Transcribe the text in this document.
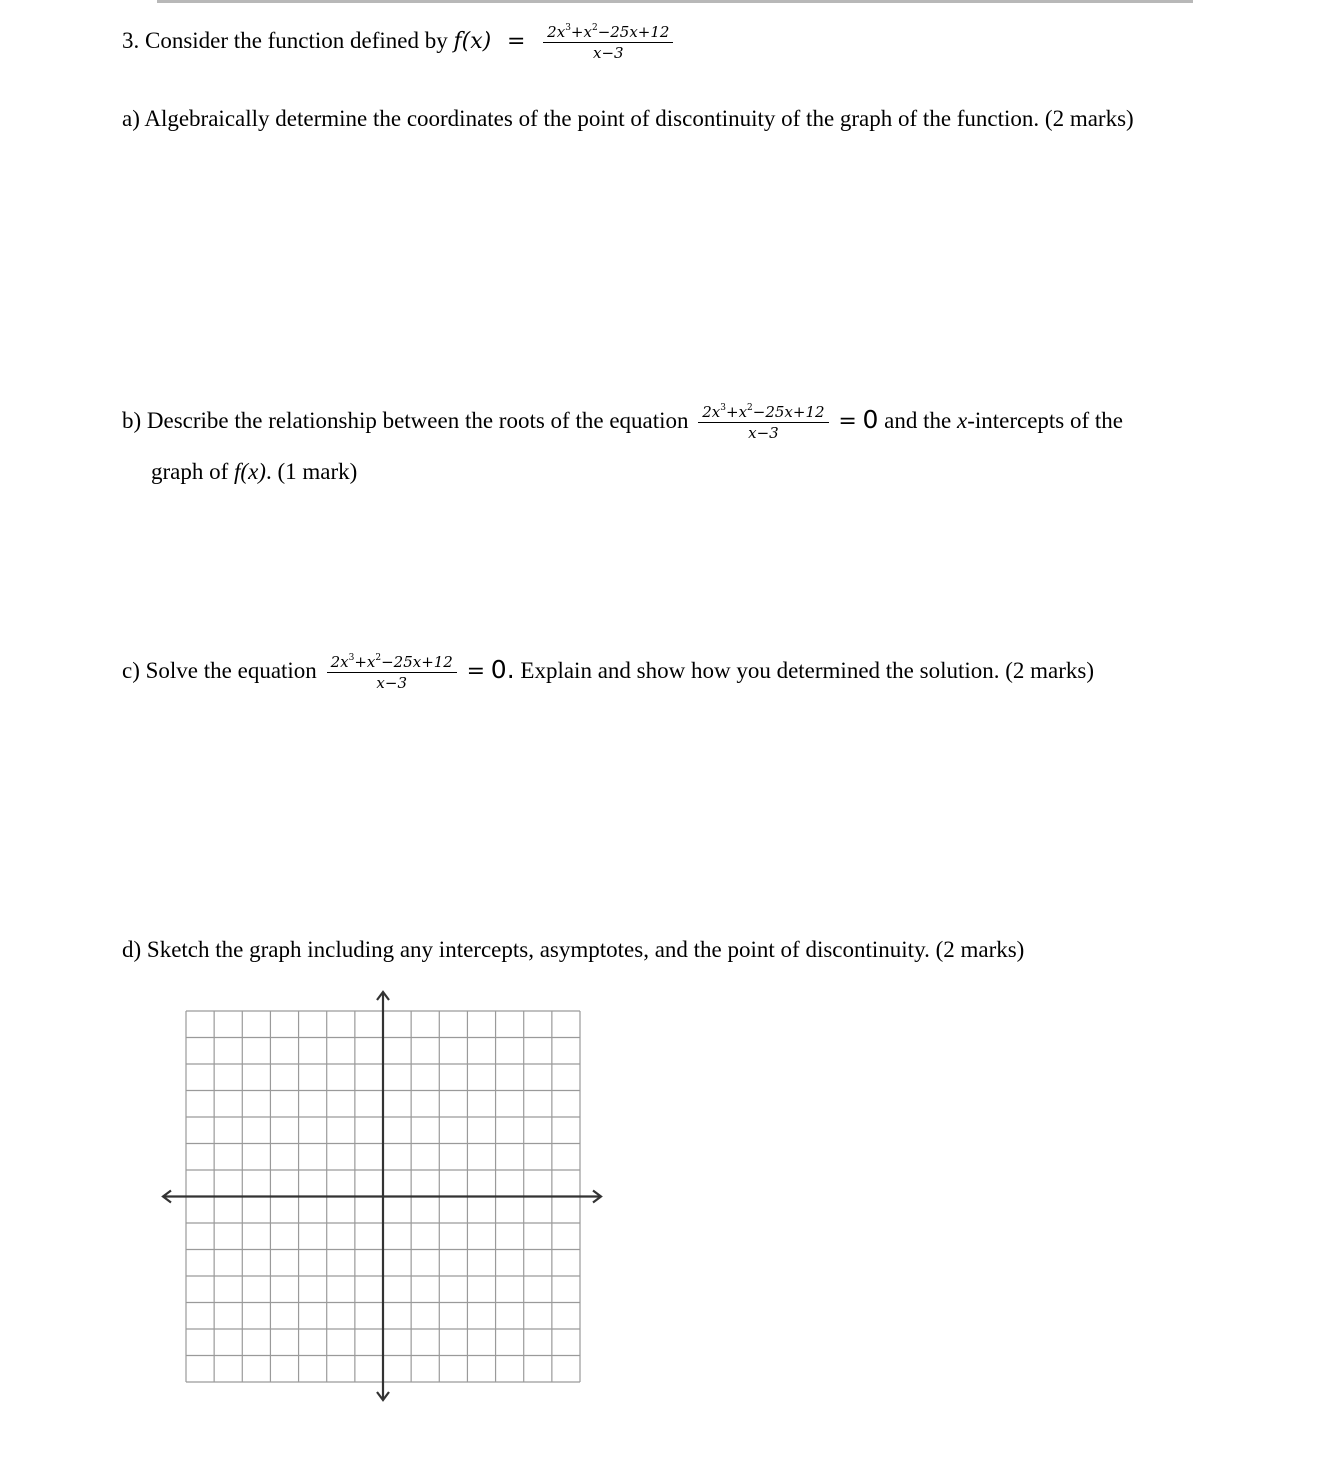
3. Consider the function defined by $f(x) = \frac{2x^3+x^2-25x+12}{x-3}$
a) Algebraically determine the coordinates of the point of discontinuity of the graph of the function. (2 marks)
b) Describe the relationship between the roots of the equation $\frac{2x^3+x^2-25x+12}{x-3} = 0$ and the x-intercepts of the
graph of f(x). (1 mark)
c) Solve the equation $\frac{2x^3+x^2-25x+12}{x-3} = 0$. Explain and show how you determined the solution. (2 marks)
d) Sketch the graph including any intercepts, asymptotes, and the point of discontinuity. (2 marks)
